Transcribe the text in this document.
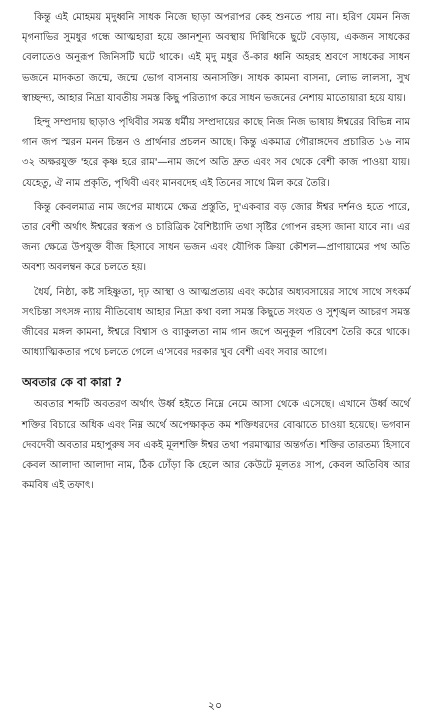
কিন্তু এই মোহময় মৃদুধ্বনি সাধক নিজে ছাড়া অপরাপর কেহ শুনতে পায় না। হরিণ যেমন নিজ মৃগনাভির সুমধুর গন্ধে আত্মহারা হয়ে জ্ঞানশূন্য অবস্থায় দিগ্বিদিকে ছুটে বেড়ায়, একজন সাধকের বেলাতেও অনুরূপ জিনিসটি ঘটে থাকে। এই মৃদু মধুর ওঁ-কার ধ্বনি অহরহ শ্রবণে সাধকের সাধন ভজনে মাদকতা জন্মে, জন্মে ভোগ বাসনায় অনাসক্তি। সাধক কামনা বাসনা, লোভ লালসা, সুখ স্বাচ্ছন্দ্য, আহার নিদ্রা যাবতীয় সমস্ত কিছু পরিত্যাগ করে সাধন ভজনের নেশায় মাতোয়ারা হয়ে যায়।

হিন্দু সম্প্রদায় ছাড়াও পৃথিবীর সমস্ত ধর্মীয় সম্প্রদায়ের কাছে নিজ নিজ ভাষায় ঈশ্বরের বিভিন্ন নাম গান জপ স্মরন মনন চিন্তন ও প্রার্থনার প্রচলন আছে। কিন্তু একমাত্র গৌরাঙ্গদেব প্রচারিত ১৬ নাম ৩২ অক্ষরযুক্ত 'হরে কৃষ্ণ হরে রাম'—নাম জপে অতি দ্রুত এবং সব থেকে বেশী কাজ পাওয়া যায়। যেহেতু, ঐ নাম প্রকৃতি, পৃথিবী এবং মানবদেহ এই তিনের সাথে মিল করে তৈরি।

কিন্তু কেবলমাত্র নাম জপের মাধ্যমে ক্ষেত্র প্রস্তুতি, দু'একবার বড় জোর ঈশ্বর দর্শনও হতে পারে, তার বেশী অর্থাৎ ঈশ্বরের স্বরূপ ও চারিত্রিক বৈশিষ্ট্যাদি তথা সৃষ্টির গোপন রহস্য জানা যাবে না। এর জন্য ক্ষেত্রে উপযুক্ত বীজ হিসাবে সাধন ভজন এবং যৌগিক ক্রিয়া কৌশল—প্রাণায়ামের পথ অতি অবশ্য অবলম্বন করে চলতে হয়।

ধৈর্য, নিষ্ঠা, কষ্ট সহিষ্ণুতা, দৃঢ় আস্থা ও আত্মপ্রত্যয় এবং কঠোর অধ্যবসায়ের সাথে সাথে সৎকর্ম সৎচিন্তা সৎসঙ্গ ন্যায় নীতিবোধ আহার নিদ্রা কথা বলা সমস্ত কিছুতে সংযত ও সুশৃঙ্খল আচরণ সমস্ত জীবের মঙ্গল কামনা, ঈশ্বরে বিশ্বাস ও ব্যাকুলতা নাম গান জপে অনুকূল পরিবেশ তৈরি করে থাকে। আধ্যাত্মিকতার পথে চলতে গেলে এ'সবের দরকার খুব বেশী এবং সবার আগে।

অবতার কে বা কারা ?

অবতার শব্দটি অবতরণ অর্থাৎ উর্ধ্ব হইতে নিম্নে নেমে আসা থেকে এসেছে। এখানে উর্ধ্ব অর্থে শক্তির বিচারে অধিক এবং নিম্ন অর্থে অপেক্ষাকৃত কম শক্তিধরদের বোঝাতে চাওয়া হয়েছে। ভগবান দেবদেবী অবতার মহাপুরুষ সব একই মূলশক্তি ঈশ্বর তথা পরমাত্মার অন্তর্গত। শক্তির তারতম্য হিসাবে কেবল আলাদা আলাদা নাম, ঠিক ঢোঁড়া কি হেলে আর কেউটে মূলতঃ সাপ, কেবল অতিবিষ আর কমবিষ এই তফাৎ।

২০
